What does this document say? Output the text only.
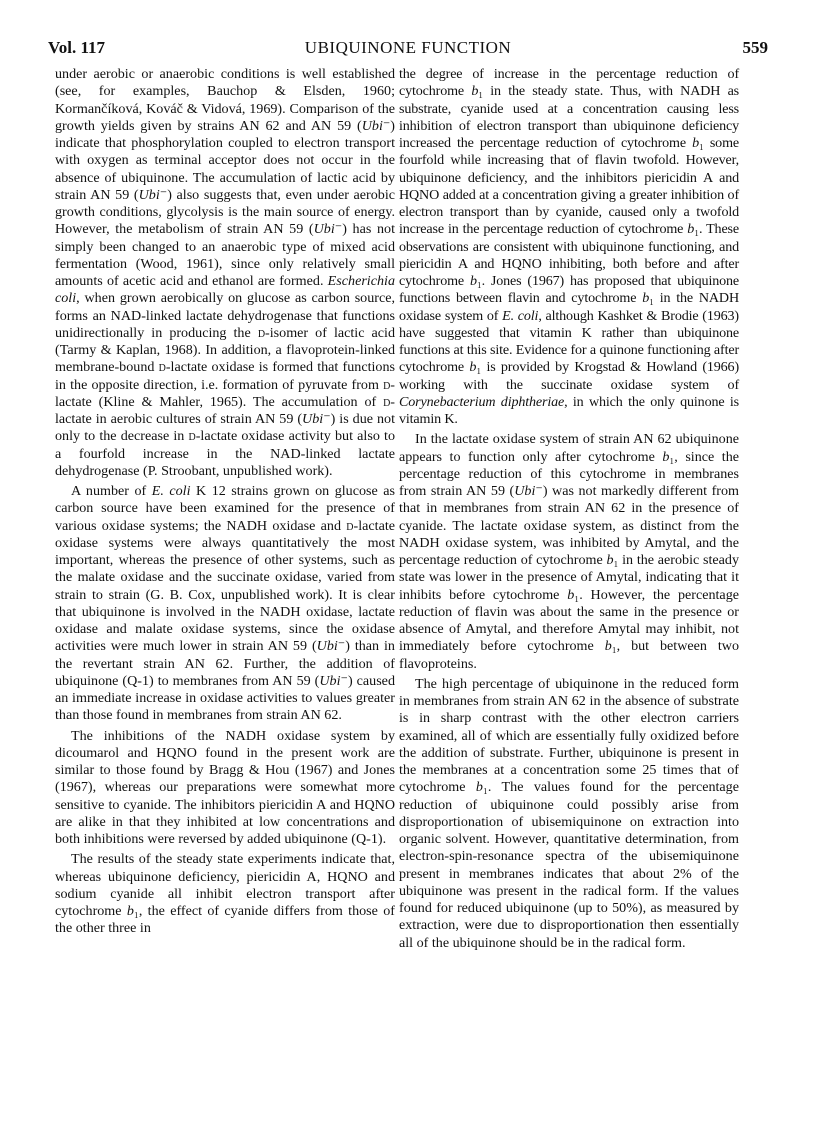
UBIQUINONE FUNCTION
Vol. 117	559

under aerobic or anaerobic conditions is well established (see, for examples, Bauchop & Elsden, 1960; Kormančíková, Kováč & Vidová, 1969). Comparison of the growth yields given by strains AN 62 and AN 59 (Ubi⁻) indicate that phosphorylation coupled to electron transport with oxygen as terminal acceptor does not occur in the absence of ubiquinone. The accumulation of lactic acid by strain AN 59 (Ubi⁻) also suggests that, even under aerobic growth conditions, glycolysis is the main source of energy. However, the metabolism of strain AN 59 (Ubi⁻) has not simply been changed to an anaerobic type of mixed acid fermentation (Wood, 1961), since only relatively small amounts of acetic acid and ethanol are formed. Escherichia coli, when grown aerobically on glucose as carbon source, forms an NAD-linked lactate dehydrogenase that functions unidirectionally in producing the d-isomer of lactic acid (Tarmy & Kaplan, 1968). In addition, a flavoprotein-linked membrane-bound d-lactate oxidase is formed that functions in the opposite direction, i.e. formation of pyruvate from d-lactate (Kline & Mahler, 1965). The accumulation of d-lactate in aerobic cultures of strain AN 59 (Ubi⁻) is due not only to the decrease in d-lactate oxidase activity but also to a fourfold increase in the NAD-linked lactate dehydrogenase (P. Stroobant, unpublished work).

A number of E. coli K 12 strains grown on glucose as carbon source have been examined for the presence of various oxidase systems; the NADH oxidase and d-lactate oxidase systems were always quantitatively the most important, whereas the presence of other systems, such as the malate oxidase and the succinate oxidase, varied from strain to strain (G. B. Cox, unpublished work). It is clear that ubiquinone is involved in the NADH oxidase, lactate oxidase and malate oxidase systems, since the oxidase activities were much lower in strain AN 59 (Ubi⁻) than in the revertant strain AN 62. Further, the addition of ubiquinone (Q-1) to membranes from AN 59 (Ubi⁻) caused an immediate increase in oxidase activities to values greater than those found in membranes from strain AN 62.

The inhibitions of the NADH oxidase system by dicoumarol and HQNO found in the present work are similar to those found by Bragg & Hou (1967) and Jones (1967), whereas our preparations were somewhat more sensitive to cyanide. The inhibitors piericidin A and HQNO are alike in that they inhibited at low concentrations and both inhibitions were reversed by added ubiquinone (Q-1).

The results of the steady state experiments indicate that, whereas ubiquinone deficiency, piericidin A, HQNO and sodium cyanide all inhibit electron transport after cytochrome b₁, the effect of cyanide differs from those of the other three in

the degree of increase in the percentage reduction of cytochrome b₁ in the steady state. Thus, with NADH as substrate, cyanide used at a concentration causing less inhibition of electron transport than ubiquinone deficiency increased the percentage reduction of cytochrome b₁ some fourfold while increasing that of flavin twofold. However, ubiquinone deficiency, and the inhibitors piericidin A and HQNO added at a concentration giving a greater inhibition of electron transport than by cyanide, caused only a twofold increase in the percentage reduction of cytochrome b₁. These observations are consistent with ubiquinone functioning, and piericidin A and HQNO inhibiting, both before and after cytochrome b₁. Jones (1967) has proposed that ubiquinone functions between flavin and cytochrome b₁ in the NADH oxidase system of E. coli, although Kashket & Brodie (1963) have suggested that vitamin K rather than ubiquinone functions at this site. Evidence for a quinone functioning after cytochrome b₁ is provided by Krogstad & Howland (1966) working with the succinate oxidase system of Corynebacterium diphtheriae, in which the only quinone is vitamin K.

In the lactate oxidase system of strain AN 62 ubiquinone appears to function only after cytochrome b₁, since the percentage reduction of this cytochrome in membranes from strain AN 59 (Ubi⁻) was not markedly different from that in membranes from strain AN 62 in the presence of cyanide. The lactate oxidase system, as distinct from the NADH oxidase system, was inhibited by Amytal, and the percentage reduction of cytochrome b₁ in the aerobic steady state was lower in the presence of Amytal, indicating that it inhibits before cytochrome b₁. However, the percentage reduction of flavin was about the same in the presence or absence of Amytal, and therefore Amytal may inhibit, not immediately before cytochrome b₁, but between two flavoproteins.

The high percentage of ubiquinone in the reduced form in membranes from strain AN 62 in the absence of substrate is in sharp contrast with the other electron carriers examined, all of which are essentially fully oxidized before the addition of substrate. Further, ubiquinone is present in the membranes at a concentration some 25 times that of cytochrome b₁. The values found for the percentage reduction of ubiquinone could possibly arise from disproportionation of ubisemiquinone on extraction into organic solvent. However, quantitative determination, from electron-spin-resonance spectra of the ubisemiquinone present in membranes indicates that about 2% of the ubiquinone was present in the radical form. If the values found for reduced ubiquinone (up to 50%), as measured by extraction, were due to disproportionation then essentially all of the ubiquinone should be in the radical form.
